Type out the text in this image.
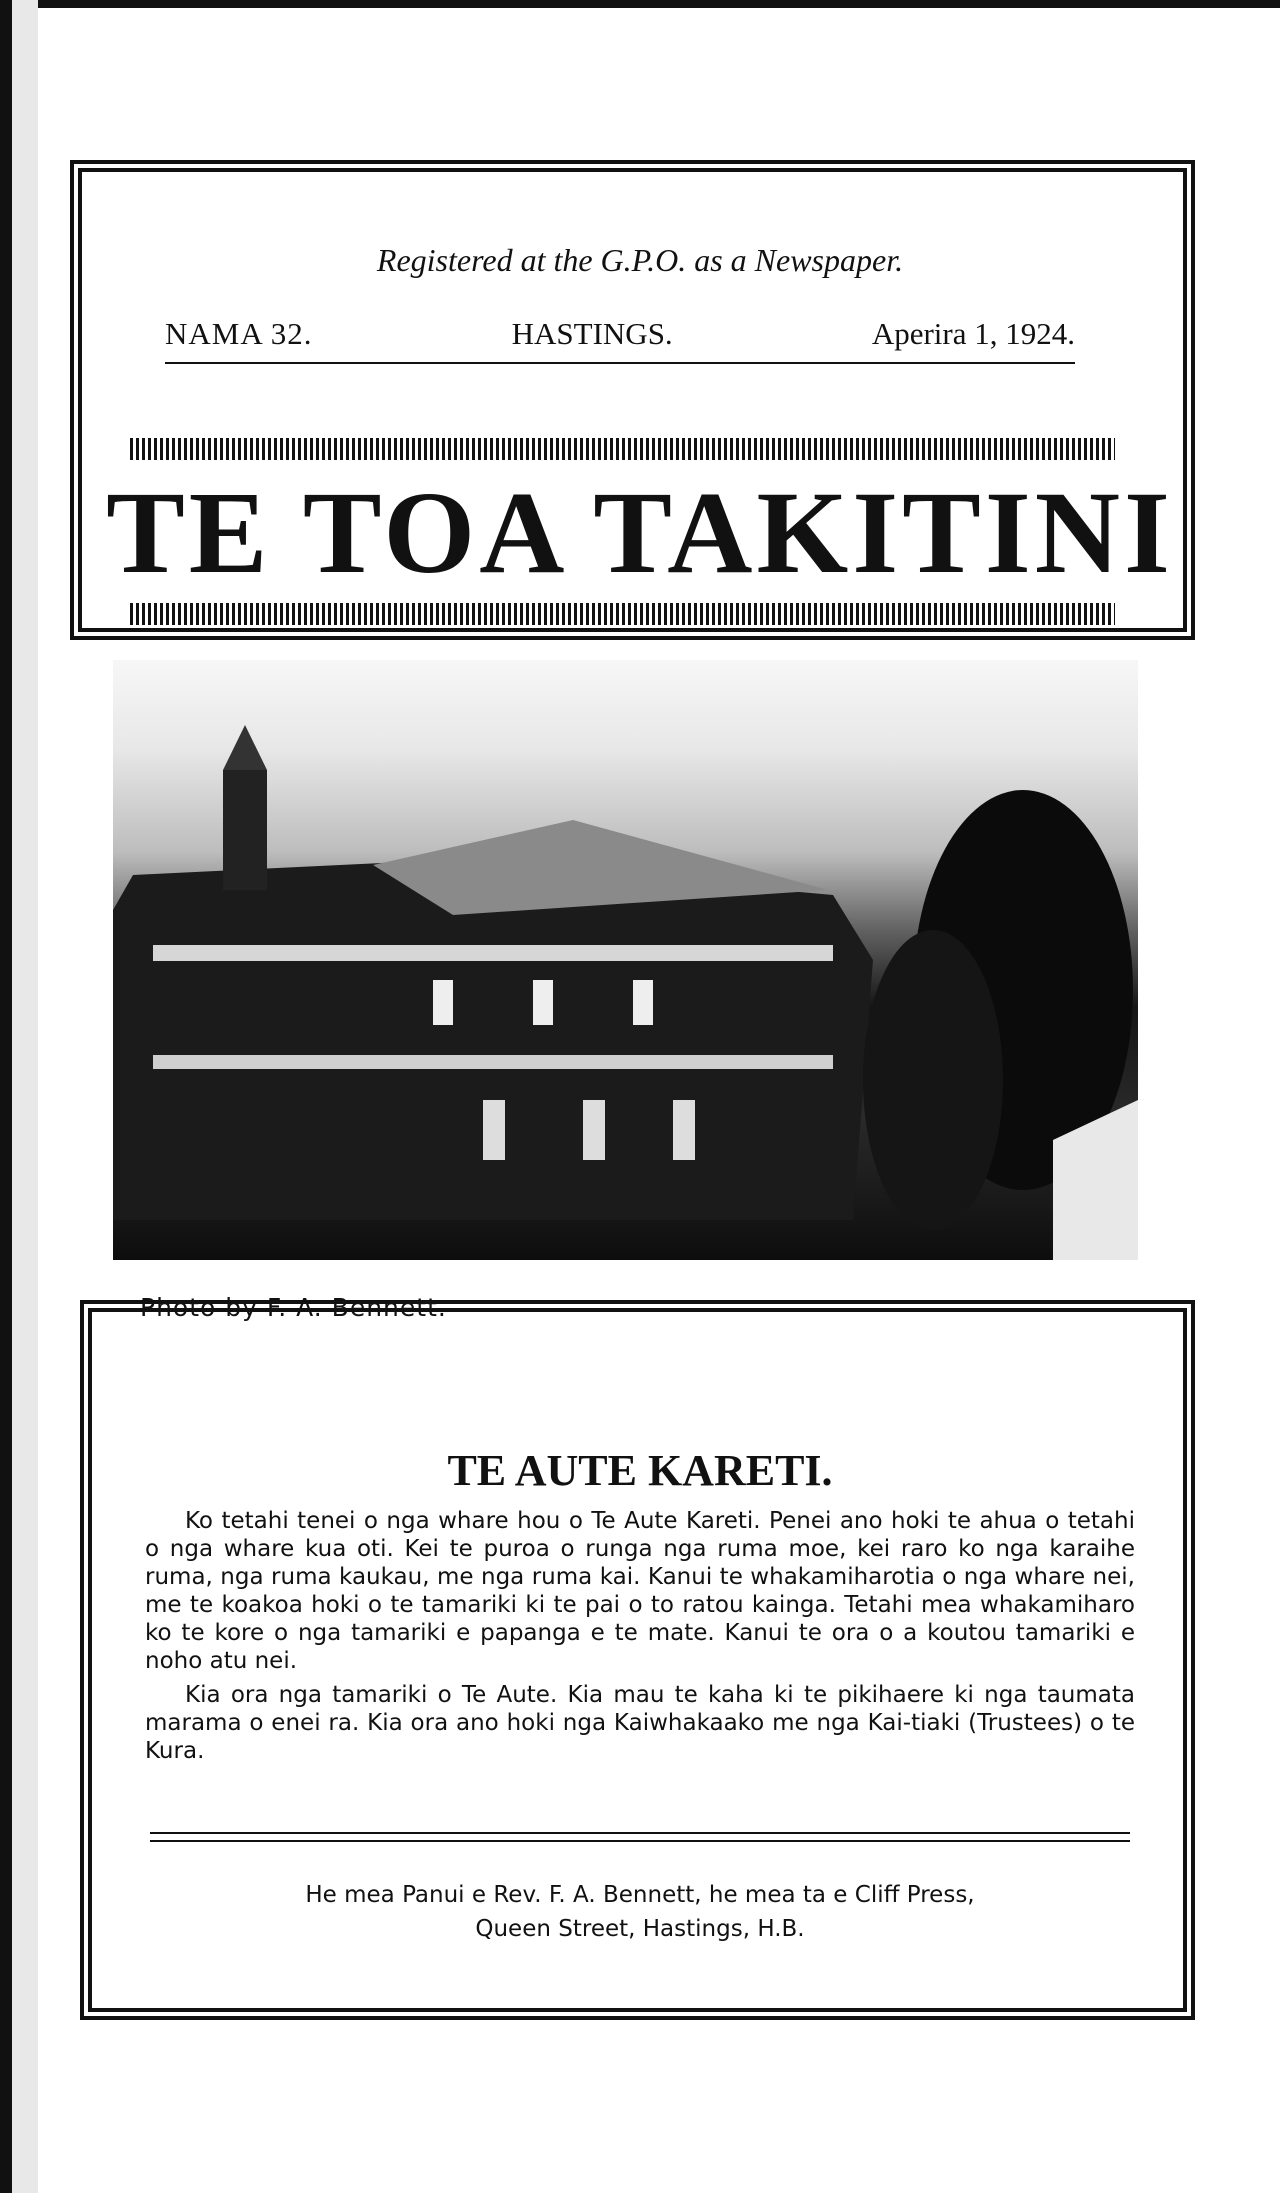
Registered at the G.P.O. as a Newspaper.
NAMA 32.	HASTINGS.	Aperira 1, 1924.
TE TOA TAKITINI
Photo by F. A. Bennett.
TE AUTE KARETI.

Ko tetahi tenei o nga whare hou o Te Aute Kareti. Penei ano hoki te ahua o tetahi o nga whare kua oti. Kei te puroa o runga nga ruma moe, kei raro ko nga karaihe ruma, nga ruma kaukau, me nga ruma kai. Kanui te whakamiharotia o nga whare nei, me te koakoa hoki o te tamariki ki te pai o to ratou kainga. Tetahi mea whakamiharo ko te kore o nga tamariki e papanga e te mate. Kanui te ora o a koutou tamariki e noho atu nei.

Kia ora nga tamariki o Te Aute. Kia mau te kaha ki te pikihaere ki nga taumata marama o enei ra. Kia ora ano hoki nga Kaiwhakaako me nga Kai-tiaki (Trustees) o te Kura.

He mea Panui e Rev. F. A. Bennett, he mea ta e Cliff Press,
Queen Street, Hastings, H.B.
